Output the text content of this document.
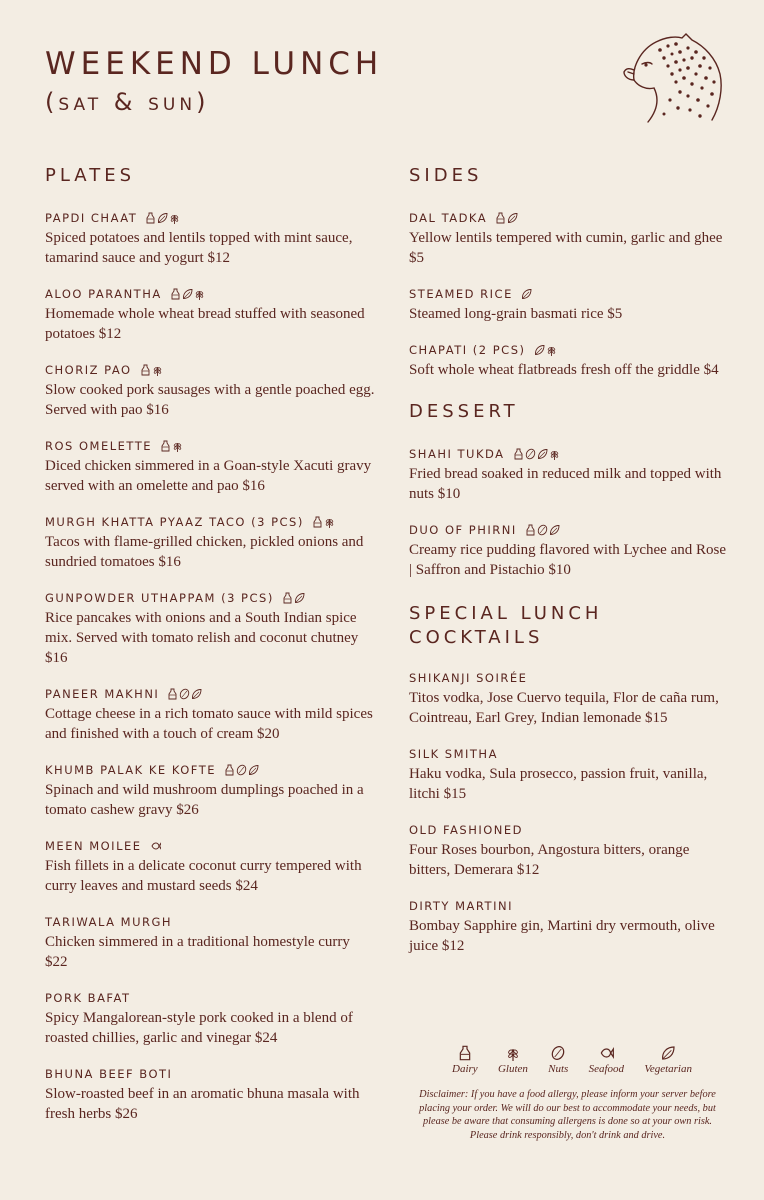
WEEKEND LUNCH
(sat & sun)
PLATES
PAPDI CHAAT
Spiced potatoes and lentils topped with mint sauce, tamarind sauce and yogurt $12
ALOO PARANTHA
Homemade whole wheat bread stuffed with seasoned potatoes $12
CHORIZ PAO
Slow cooked pork sausages with a gentle poached egg. Served with pao $16
ROS OMELETTE
Diced chicken simmered in a Goan-style Xacuti gravy served with an omelette and pao $16
MURGH KHATTA PYAAZ TACO (3 PCS)
Tacos with flame-grilled chicken, pickled onions and sundried tomatoes $16
GUNPOWDER UTHAPPAM (3 PCS)
Rice pancakes with onions and a South Indian spice mix. Served with tomato relish and coconut chutney $16
PANEER MAKHNI
Cottage cheese in a rich tomato sauce with mild spices and finished with a touch of cream $20
KHUMB PALAK KE KOFTE
Spinach and wild mushroom dumplings poached in a tomato cashew gravy $26
MEEN MOILEE
Fish fillets in a delicate coconut curry tempered with curry leaves and mustard seeds $24
TARIWALA MURGH
Chicken simmered in a traditional homestyle curry $22
PORK BAFAT
Spicy Mangalorean-style pork cooked in a blend of roasted chillies, garlic and vinegar $24
BHUNA BEEF BOTI
Slow-roasted beef in an aromatic bhuna masala with fresh herbs $26
SIDES
DAL TADKA
Yellow lentils tempered with cumin, garlic and ghee $5
STEAMED RICE
Steamed long-grain basmati rice $5
CHAPATI (2 PCS)
Soft whole wheat flatbreads fresh off the griddle $4
DESSERT
SHAHI TUKDA
Fried bread soaked in reduced milk and topped with nuts $10
DUO OF PHIRNI
Creamy rice pudding flavored with Lychee and Rose | Saffron and Pistachio $10
SPECIAL LUNCH
COCKTAILS
SHIKANJI SOIRÉE
Titos vodka, Jose Cuervo tequila, Flor de caña rum, Cointreau, Earl Grey, Indian lemonade $15
SILK SMITHA
Haku vodka, Sula prosecco, passion fruit, vanilla, litchi $15
OLD FASHIONED
Four Roses bourbon, Angostura bitters, orange bitters, Demerara $12
DIRTY MARTINI
Bombay Sapphire gin, Martini dry vermouth, olive juice $12
Dairy Gluten Nuts Seafood Vegetarian
Disclaimer: If you have a food allergy, please inform your server before placing your order. We will do our best to accommodate your needs, but please be aware that consuming allergens is done so at your own risk. Please drink responsibly, don't drink and drive.
